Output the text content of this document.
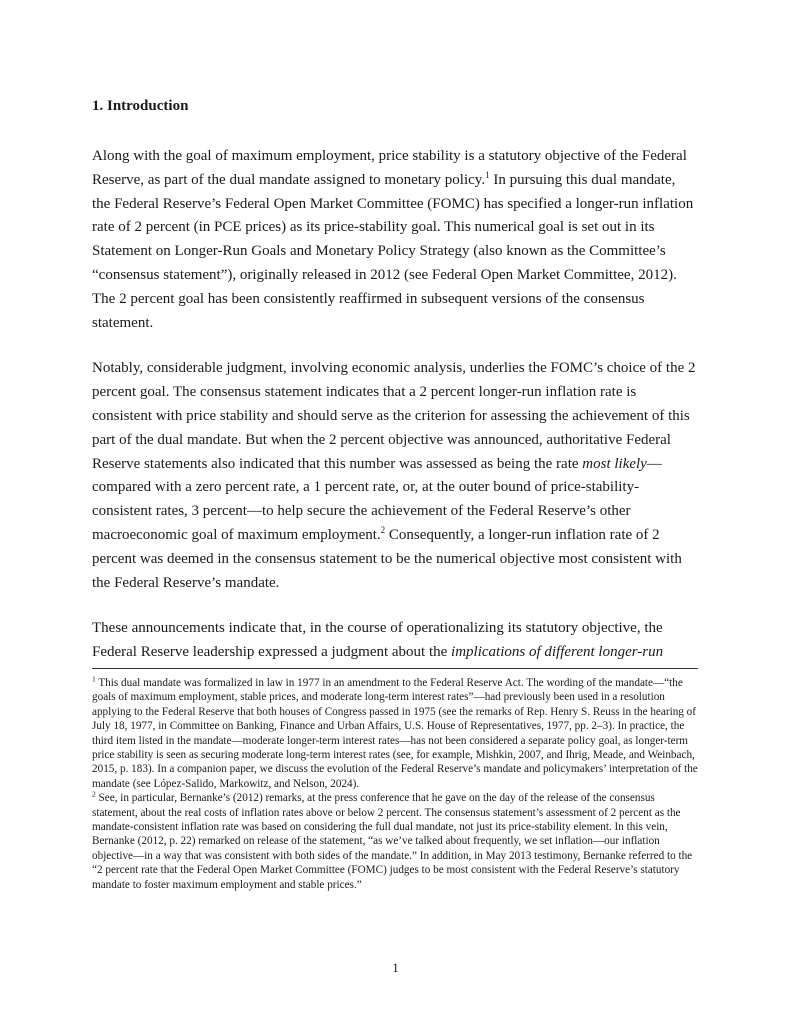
1. Introduction

Along with the goal of maximum employment, price stability is a statutory objective of the Federal Reserve, as part of the dual mandate assigned to monetary policy.$^1$ In pursuing this dual mandate, the Federal Reserve’s Federal Open Market Committee (FOMC) has specified a longer-run inflation rate of 2 percent (in PCE prices) as its price-stability goal. This numerical goal is set out in its Statement on Longer-Run Goals and Monetary Policy Strategy (also known as the Committee’s “consensus statement”), originally released in 2012 (see Federal Open Market Committee, 2012). The 2 percent goal has been consistently reaffirmed in subsequent versions of the consensus statement.

Notably, considerable judgment, involving economic analysis, underlies the FOMC’s choice of the 2 percent goal. The consensus statement indicates that a 2 percent longer-run inflation rate is consistent with price stability and should serve as the criterion for assessing the achievement of this part of the dual mandate. But when the 2 percent objective was announced, authoritative Federal Reserve statements also indicated that this number was assessed as being the rate most likely—compared with a zero percent rate, a 1 percent rate, or, at the outer bound of price-stability-consistent rates, 3 percent—to help secure the achievement of the Federal Reserve’s other macroeconomic goal of maximum employment.$^2$ Consequently, a longer-run inflation rate of 2 percent was deemed in the consensus statement to be the numerical objective most consistent with the Federal Reserve’s mandate.

These announcements indicate that, in the course of operationalizing its statutory objective, the Federal Reserve leadership expressed a judgment about the implications of different longer-run

$^1$ This dual mandate was formalized in law in 1977 in an amendment to the Federal Reserve Act. The wording of the mandate—“the goals of maximum employment, stable prices, and moderate long-term interest rates”—had previously been used in a resolution applying to the Federal Reserve that both houses of Congress passed in 1975 (see the remarks of Rep. Henry S. Reuss in the hearing of July 18, 1977, in Committee on Banking, Finance and Urban Affairs, U.S. House of Representatives, 1977, pp. 2–3). In practice, the third item listed in the mandate—moderate longer-term interest rates—has not been considered a separate policy goal, as longer-term price stability is seen as securing moderate long-term interest rates (see, for example, Mishkin, 2007, and Ihrig, Meade, and Weinbach, 2015, p. 183). In a companion paper, we discuss the evolution of the Federal Reserve’s mandate and policymakers’ interpretation of the mandate (see López-Salido, Markowitz, and Nelson, 2024).

$^2$ See, in particular, Bernanke’s (2012) remarks, at the press conference that he gave on the day of the release of the consensus statement, about the real costs of inflation rates above or below 2 percent. The consensus statement’s assessment of 2 percent as the mandate-consistent inflation rate was based on considering the full dual mandate, not just its price-stability element. In this vein, Bernanke (2012, p. 22) remarked on release of the statement, “as we’ve talked about frequently, we set inflation—our inflation objective—in a way that was consistent with both sides of the mandate.” In addition, in May 2013 testimony, Bernanke referred to the “2 percent rate that the Federal Open Market Committee (FOMC) judges to be most consistent with the Federal Reserve’s statutory mandate to foster maximum employment and stable prices.”

1
